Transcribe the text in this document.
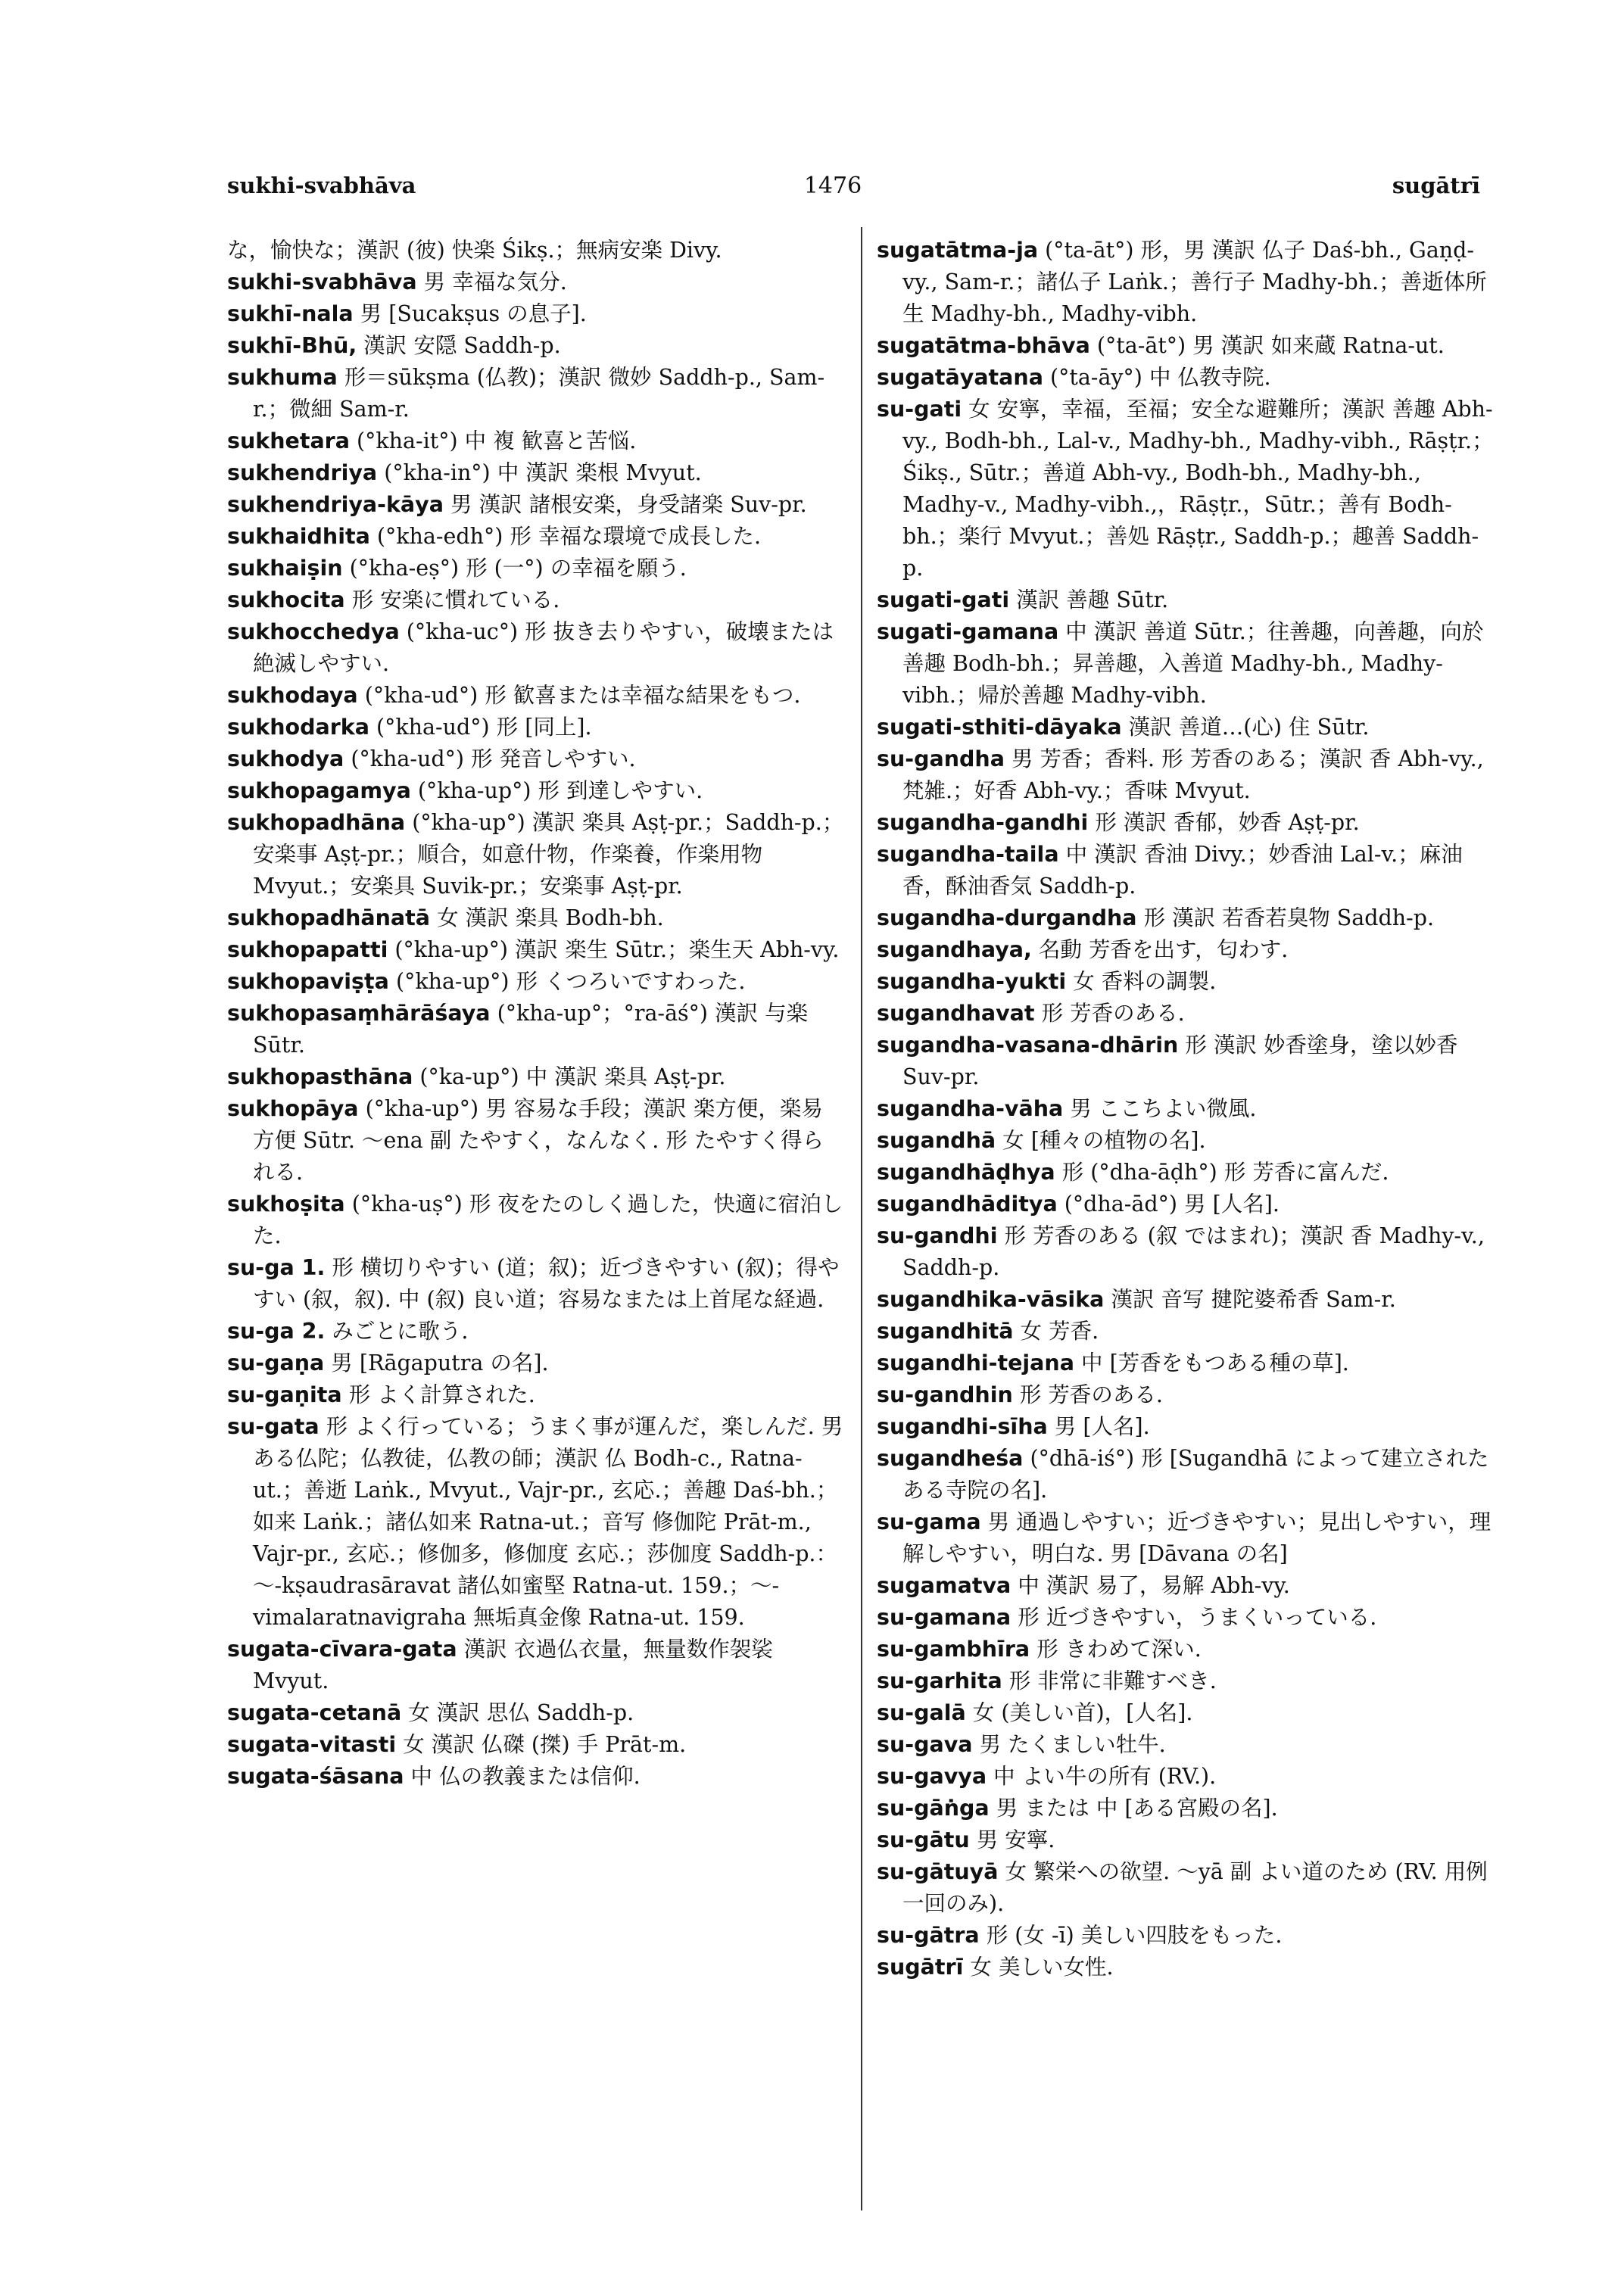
sukhi-svabhāva	1476	sugātrī

な，愉快な；漢訳 (彼) 快楽 Śikṣ.；無病安楽 Divy.

sukhi-svabhāva 男 幸福な気分.

sukhī-nala 男 [Sucakṣus の息子].

sukhī-Bhū, 漢訳 安隠 Saddh-p.

sukhuma 形＝sūkṣma (仏教)；漢訳 微妙 Saddh-p., Sam-r.；微細 Sam-r.

sukhetara (°kha-it°) 中 複 歓喜と苦悩.

sukhendriya (°kha-in°) 中 漢訳 楽根 Mvyut.

sukhendriya-kāya 男 漢訳 諸根安楽，身受諸楽 Suv-pr.

sukhaidhita (°kha-edh°) 形 幸福な環境で成長した.

sukhaiṣin (°kha-eṣ°) 形 (一°) の幸福を願う.

sukhocita 形 安楽に慣れている.

sukhocchedya (°kha-uc°) 形 抜き去りやすい，破壊または絶滅しやすい.

sukhodaya (°kha-ud°) 形 歓喜または幸福な結果をもつ.

sukhodarka (°kha-ud°) 形 [同上].

sukhodya (°kha-ud°) 形 発音しやすい.

sukhopagamya (°kha-up°) 形 到達しやすい.

sukhopadhāna (°kha-up°) 漢訳 楽具 Aṣṭ-pr.；Saddh-p.；安楽事 Aṣṭ-pr.；順合，如意什物，作楽養，作楽用物 Mvyut.；安楽具 Suvik-pr.；安楽事 Aṣṭ-pr.

sukhopadhānatā 女 漢訳 楽具 Bodh-bh.

sukhopapatti (°kha-up°) 漢訳 楽生 Sūtr.；楽生天 Abh-vy.

sukhopaviṣṭa (°kha-up°) 形 くつろいですわった.

sukhopasaṃhārāśaya (°kha-up°；°ra-āś°) 漢訳 与楽 Sūtr.

sukhopasthāna (°ka-up°) 中 漢訳 楽具 Aṣṭ-pr.

sukhopāya (°kha-up°) 男 容易な手段；漢訳 楽方便，楽易方便 Sūtr. ～ena 副 たやすく，なんなく. 形 たやすく得られる.

sukhoṣita (°kha-uṣ°) 形 夜をたのしく過した，快適に宿泊した.

su-ga 1. 形 横切りやすい (道；叙)；近づきやすい (叙)；得やすい (叙，叙). 中 (叙) 良い道；容易なまたは上首尾な経過.

su-ga 2. みごとに歌う.

su-gaṇa 男 [Rāgaputra の名].

su-gaṇita 形 よく計算された.

su-gata 形 よく行っている；うまく事が運んだ，楽しんだ. 男 ある仏陀；仏教徒，仏教の師；漢訳 仏 Bodh-c., Ratna-ut.；善逝 Laṅk., Mvyut., Vajr-pr., 玄応.；善趣 Daś-bh.；如来 Laṅk.；諸仏如来 Ratna-ut.；音写 修伽陀 Prāt-m., Vajr-pr., 玄応.；修伽多，修伽度 玄応.；莎伽度 Saddh-p.：～-kṣaudrasāravat 諸仏如蜜堅 Ratna-ut. 159.；～-vimalaratnavigraha 無垢真金像 Ratna-ut. 159.

sugata-cīvara-gata 漢訳 衣過仏衣量，無量数作袈裟 Mvyut.

sugata-cetanā 女 漢訳 思仏 Saddh-p.

sugata-vitasti 女 漢訳 仏磔 (搩) 手 Prāt-m.

sugata-śāsana 中 仏の教義または信仰.

sugatātma-ja (°ta-āt°) 形，男 漢訳 仏子 Daś-bh., Gaṇḍ-vy., Sam-r.；諸仏子 Laṅk.；善行子 Madhy-bh.；善逝体所生 Madhy-bh., Madhy-vibh.

sugatātma-bhāva (°ta-āt°) 男 漢訳 如来蔵 Ratna-ut.

sugatāyatana (°ta-āy°) 中 仏教寺院.

su-gati 女 安寧，幸福，至福；安全な避難所；漢訳 善趣 Abh-vy., Bodh-bh., Lal-v., Madhy-bh., Madhy-vibh., Rāṣṭr.；Śikṣ., Sūtr.；善道 Abh-vy., Bodh-bh., Madhy-bh., Madhy-v., Madhy-vibh.,，Rāṣṭr.，Sūtr.；善有 Bodh-bh.；楽行 Mvyut.；善処 Rāṣṭr., Saddh-p.；趣善 Saddh-p.

sugati-gati 漢訳 善趣 Sūtr.

sugati-gamana 中 漢訳 善道 Sūtr.；往善趣，向善趣，向於善趣 Bodh-bh.；昇善趣，入善道 Madhy-bh., Madhy-vibh.；帰於善趣 Madhy-vibh.

sugati-sthiti-dāyaka 漢訳 善道…(心) 住 Sūtr.

su-gandha 男 芳香；香料. 形 芳香のある；漢訳 香 Abh-vy., 梵雑.；好香 Abh-vy.；香味 Mvyut.

sugandha-gandhi 形 漢訳 香郁，妙香 Aṣṭ-pr.

sugandha-taila 中 漢訳 香油 Divy.；妙香油 Lal-v.；麻油香，酥油香気 Saddh-p.

sugandha-durgandha 形 漢訳 若香若臭物 Saddh-p.

sugandhaya, 名動 芳香を出す，匂わす.

sugandha-yukti 女 香料の調製.

sugandhavat 形 芳香のある.

sugandha-vasana-dhārin 形 漢訳 妙香塗身，塗以妙香 Suv-pr.

sugandha-vāha 男 ここちよい微風.

sugandhā 女 [種々の植物の名].

sugandhāḍhya 形 (°dha-āḍh°) 形 芳香に富んだ.

sugandhāditya (°dha-ād°) 男 [人名].

su-gandhi 形 芳香のある (叙 ではまれ)；漢訳 香 Madhy-v., Saddh-p.

sugandhika-vāsika 漢訳 音写 揵陀婆希香 Sam-r.

sugandhitā 女 芳香.

sugandhi-tejana 中 [芳香をもつある種の草].

su-gandhin 形 芳香のある.

sugandhi-sīha 男 [人名].

sugandheśa (°dhā-iś°) 形 [Sugandhā によって建立されたある寺院の名].

su-gama 男 通過しやすい；近づきやすい；見出しやすい，理解しやすい，明白な. 男 [Dāvana の名]

sugamatva 中 漢訳 易了，易解 Abh-vy.

su-gamana 形 近づきやすい，うまくいっている.

su-gambhīra 形 きわめて深い.

su-garhita 形 非常に非難すべき.

su-galā 女 (美しい首)，[人名].

su-gava 男 たくましい牡牛.

su-gavya 中 よい牛の所有 (RV.).

su-gāṅga 男 または 中 [ある宮殿の名].

su-gātu 男 安寧.

su-gātuyā 女 繁栄への欲望. ～yā 副 よい道のため (RV. 用例一回のみ).

su-gātra 形 (女 -ī) 美しい四肢をもった.

sugātrī 女 美しい女性.
